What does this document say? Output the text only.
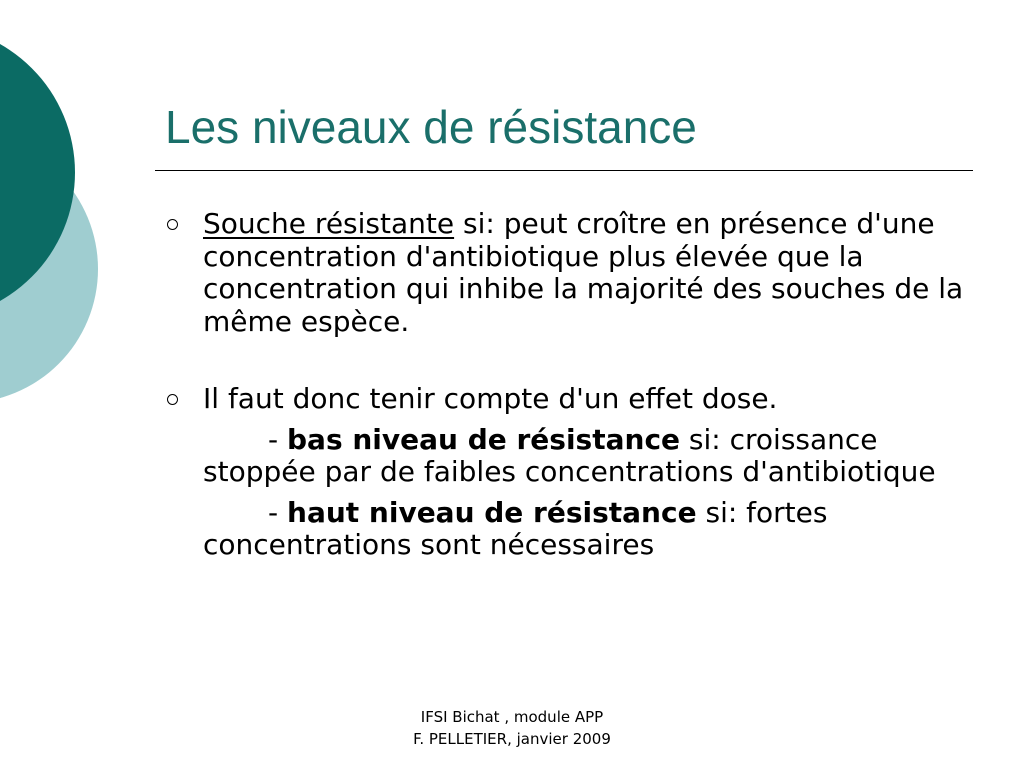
Les niveaux de résistance
Souche résistante si: peut croître en présence d'une concentration d'antibiotique plus élevée que la concentration qui inhibe la majorité des souches de la même espèce.
Il faut donc tenir compte d'un effet dose.
- bas niveau de résistance si: croissance stoppée par de faibles concentrations d'antibiotique
- haut niveau de résistance si: fortes concentrations sont nécessaires
IFSI Bichat , module APP
F. PELLETIER, janvier 2009
